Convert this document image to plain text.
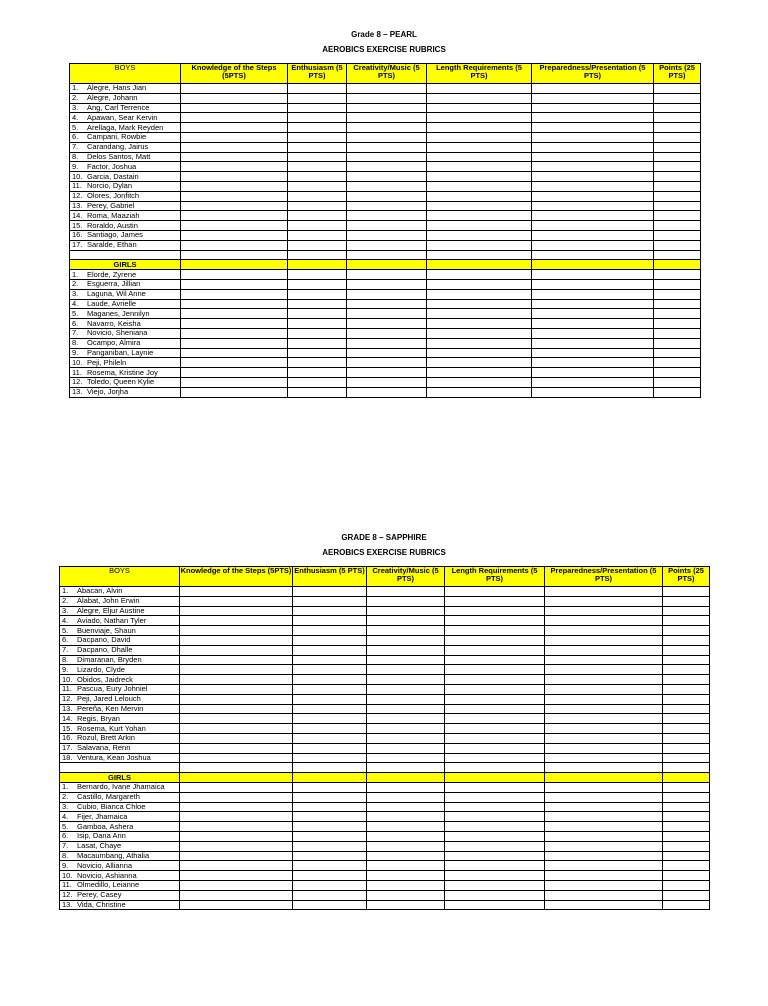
Grade 8 – PEARL
AEROBICS EXERCISE RUBRICS
BOYS	Knowledge of the Steps (5PTS)	Enthusiasm (5 PTS)	Creativity/Music (5 PTS)	Length Requirements (5 PTS)	Preparedness/Presentation (5 PTS)	Points (25 PTS)
1. Alegre, Hans Jian						
2. Alegre, Johann						
3. Ang, Carl Terrence						
4. Apawan, Sear Kervin						
5. Arellaga, Mark Reyden						
6. Campani, Rowbie						
7. Carandang, Jairus						
8. Delos Santos, Matt						
9. Factor, Joshua						
10. Garcia, Dastain						
11. Norcio, Dylan						
12. Olores, Jonfitch						
13. Perey, Gabriel						
14. Roma, Maaziah						
15. Roraldo, Austin						
16. Santiago, James						
17. Saralde, Ethan						

GIRLS						
1. Elorde, Zyrene						
2. Esguerra, Jillian						
3. Laguna, Wil Anne						
4. Laude, Avrielle						
5. Maganes, Jennilyn						
6. Navarro, Keisha						
7. Novicio, Sheniana						
8. Ocampo, Almira						
9. Panganiban, Laynie						
10. Peji, Phileln						
11. Rosema, Kristine Joy						
12. Toledo, Queen Kylie						
13. Viejo, Jorjha						
GRADE 8 – SAPPHIRE
AEROBICS EXERCISE RUBRICS
BOYS	Knowledge of the Steps (5PTS)	Enthusiasm (5 PTS)	Creativity/Music (5 PTS)	Length Requirements (5 PTS)	Preparedness/Presentation (5 PTS)	Points (25 PTS)
1. Abacan, Alvin						
2. Alabat, John Erwin						
3. Alegre, Eljur Austine						
4. Aviado, Nathan Tyler						
5. Buenviaje, Shaun						
6. Dacpano, David						
7. Dacpano, Dhalle						
8. Dimaranan, Bryden						
9. Lizardo, Clyde						
10. Obidos, Jaidreck						
11. Pascua, Eury Johniel						
12. Peji, Jared Lelouch						
13. Pereña, Ken Mervin						
14. Regis, Bryan						
15. Rosema, Kurt Yohan						
16. Rozul, Brett Arkin						
17. Salavana, Renn						
18. Ventura, Kean Joshua						

GIRLS						
1. Bernardo, Ivane Jhamaica						
2. Castillo, Margareth						
3. Cubio, Bianca Chloe						
4. Fijer, Jhamaica						
5. Gamboa, Ashera						
6. Isip, Dana Ann						
7. Lasat, Chaye						
8. Macaumbang, Athalia						
9. Novicio, Allianna						
10. Novicio, Ashianna						
11. Olmedillo, Leianne						
12. Perey, Casey						
13. Vida, Christine						
